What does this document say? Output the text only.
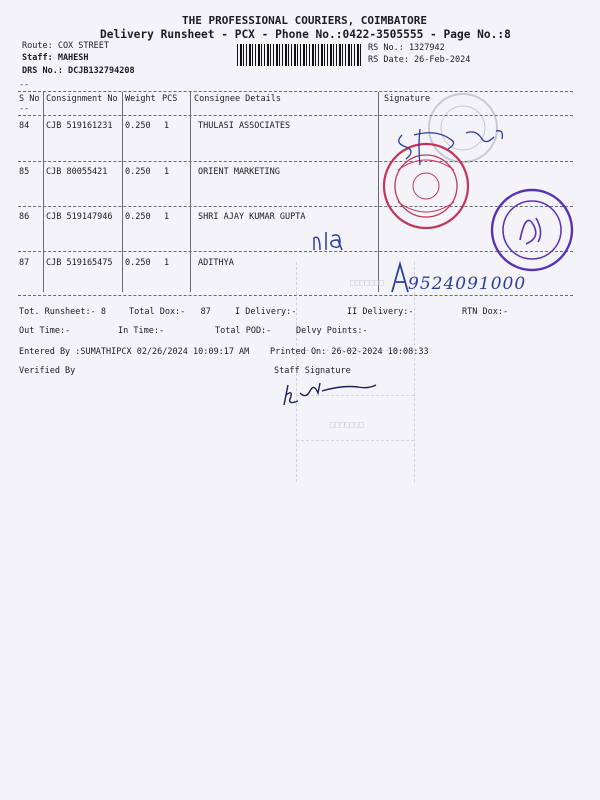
THE PROFESSIONAL COURIERS, COIMBATORE
Delivery Runsheet - PCX - Phone No.:0422-3505555 - Page No.:8
Route: COX STREET
Staff: MAHESH
DRS No.: DCJB132794208
RS No.: 1327942
RS Date: 26-Feb-2024
--
S No Consignment No Weight PCS Consignee Details	Signature
--
84 CJB 519161231 0.250 1	THULASI ASSOCIATES
85 CJB 80055421 0.250 1	ORIENT MARKETING
86 CJB 519147946 0.250 1	SHRI AJAY KUMAR GUPTA
87 CJB 519165475 0.250 1	ADITHYA
Tot. Runsheet:- 8	Total Dox:-   87	I Delivery:-	II Delivery:-	RTN Dox:-
Out Time:-	In Time:-	Total POD:-	Delvy Points:-
Entered By :SUMATHIPCX 02/26/2024 10:09:17 AM Printed On: 26-02-2024 10:08:33
Verified By	Staff Signature
9524091000
□□□□□□□
□□□□□□□
